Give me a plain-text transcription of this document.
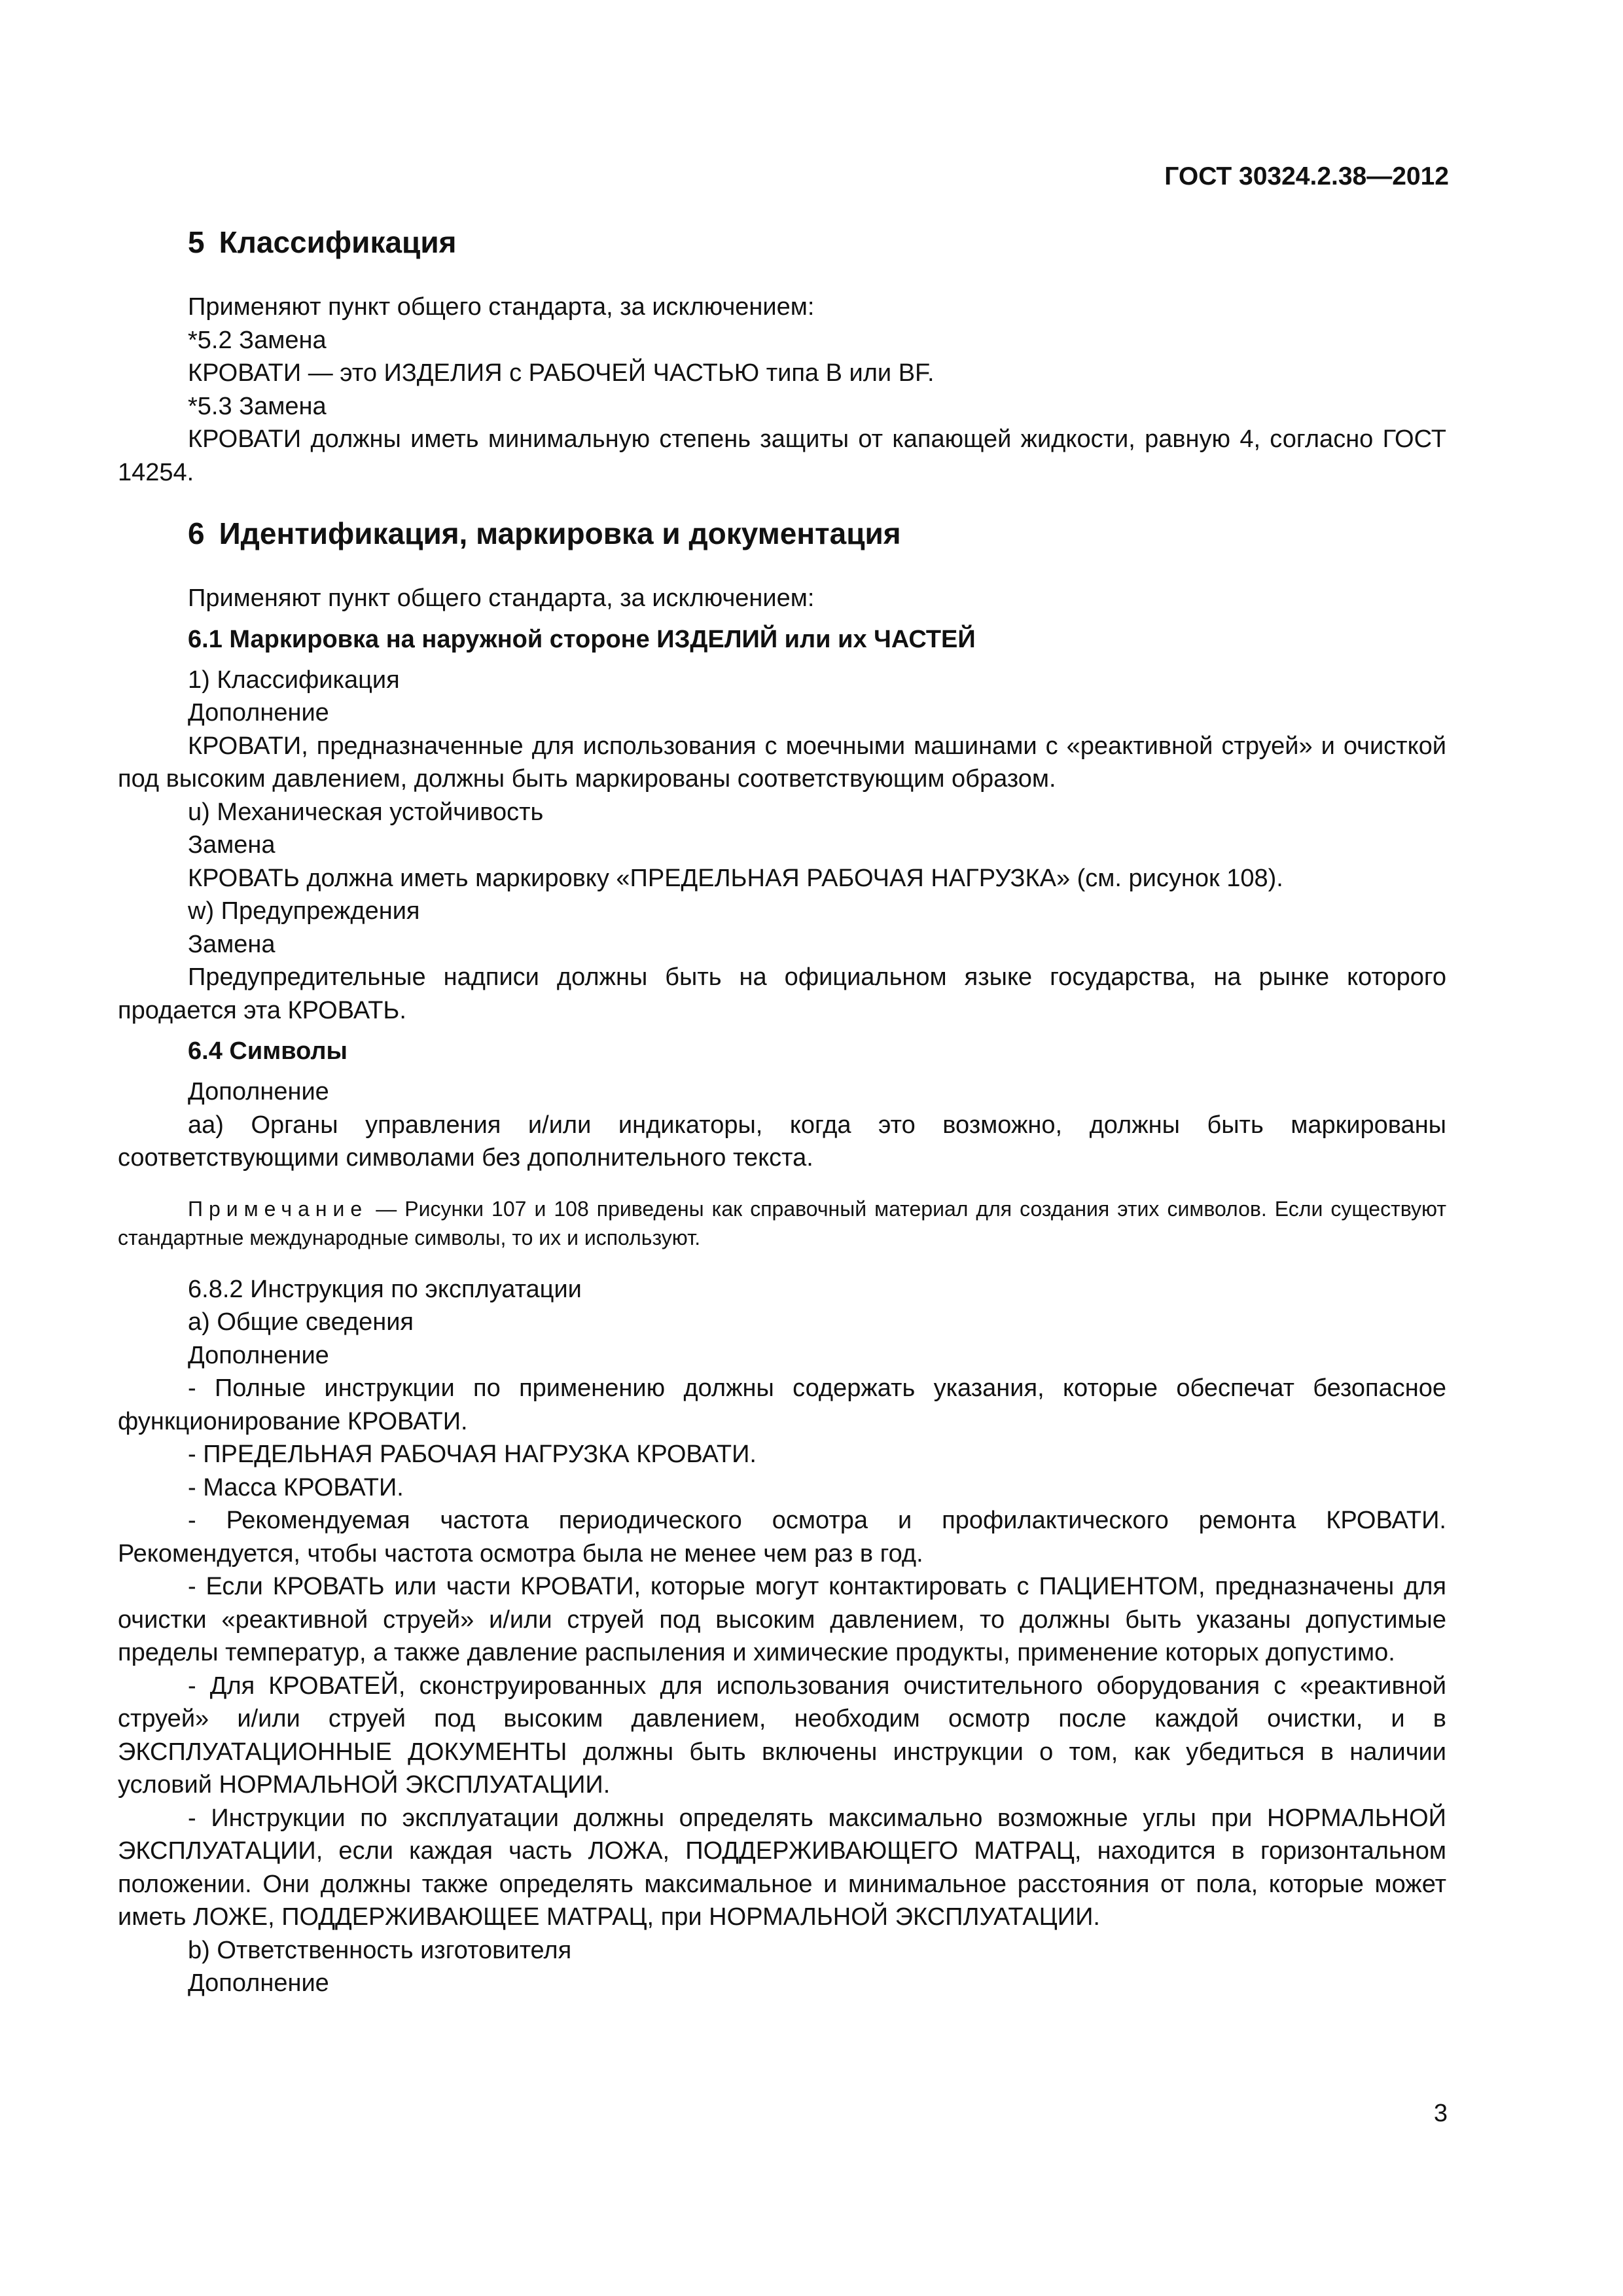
ГОСТ 30324.2.38—2012
5 Классификация

Применяют пункт общего стандарта, за исключением:

*5.2 Замена

КРОВАТИ — это ИЗДЕЛИЯ с РАБОЧЕЙ ЧАСТЬЮ типа B или BF.

*5.3 Замена

КРОВАТИ должны иметь минимальную степень защиты от капающей жидкости, равную 4, согласно ГОСТ 14254.

6 Идентификация, маркировка и документация

Применяют пункт общего стандарта, за исключением:

6.1 Маркировка на наружной стороне ИЗДЕЛИЙ или их ЧАСТЕЙ

1) Классификация

Дополнение

КРОВАТИ, предназначенные для использования с моечными машинами с «реактивной струей» и очисткой под высоким давлением, должны быть маркированы соответствующим образом.

u) Механическая устойчивость

Замена

КРОВАТЬ должна иметь маркировку «ПРЕДЕЛЬНАЯ РАБОЧАЯ НАГРУЗКА» (см. рисунок 108).

w) Предупреждения

Замена

Предупредительные надписи должны быть на официальном языке государства, на рынке которого продается эта КРОВАТЬ.

6.4 Символы

Дополнение

аа) Органы управления и/или индикаторы, когда это возможно, должны быть маркированы соответствующими символами без дополнительного текста.

Примечание — Рисунки 107 и 108 приведены как справочный материал для создания этих символов. Если существуют стандартные международные символы, то их и используют.

6.8.2 Инструкция по эксплуатации

а) Общие сведения

Дополнение

- Полные инструкции по применению должны содержать указания, которые обеспечат безопасное функционирование КРОВАТИ.

- ПРЕДЕЛЬНАЯ РАБОЧАЯ НАГРУЗКА КРОВАТИ.

- Масса КРОВАТИ.

- Рекомендуемая частота периодического осмотра и профилактического ремонта КРОВАТИ. Рекомендуется, чтобы частота осмотра была не менее чем раз в год.

- Если КРОВАТЬ или части КРОВАТИ, которые могут контактировать с ПАЦИЕНТОМ, предназначены для очистки «реактивной струей» и/или струей под высоким давлением, то должны быть указаны допустимые пределы температур, а также давление распыления и химические продукты, применение которых допустимо.

- Для КРОВАТЕЙ, сконструированных для использования очистительного оборудования с «реактивной струей» и/или струей под высоким давлением, необходим осмотр после каждой очистки, и в ЭКСПЛУАТАЦИОННЫЕ ДОКУМЕНТЫ должны быть включены инструкции о том, как убедиться в наличии условий НОРМАЛЬНОЙ ЭКСПЛУАТАЦИИ.

- Инструкции по эксплуатации должны определять максимально возможные углы при НОРМАЛЬНОЙ ЭКСПЛУАТАЦИИ, если каждая часть ЛОЖА, ПОДДЕРЖИВАЮЩЕГО МАТРАЦ, находится в горизонтальном положении. Они должны также определять максимальное и минимальное расстояния от пола, которые может иметь ЛОЖЕ, ПОДДЕРЖИВАЮЩЕЕ МАТРАЦ, при НОРМАЛЬНОЙ ЭКСПЛУАТАЦИИ.

b) Ответственность изготовителя

Дополнение

3
